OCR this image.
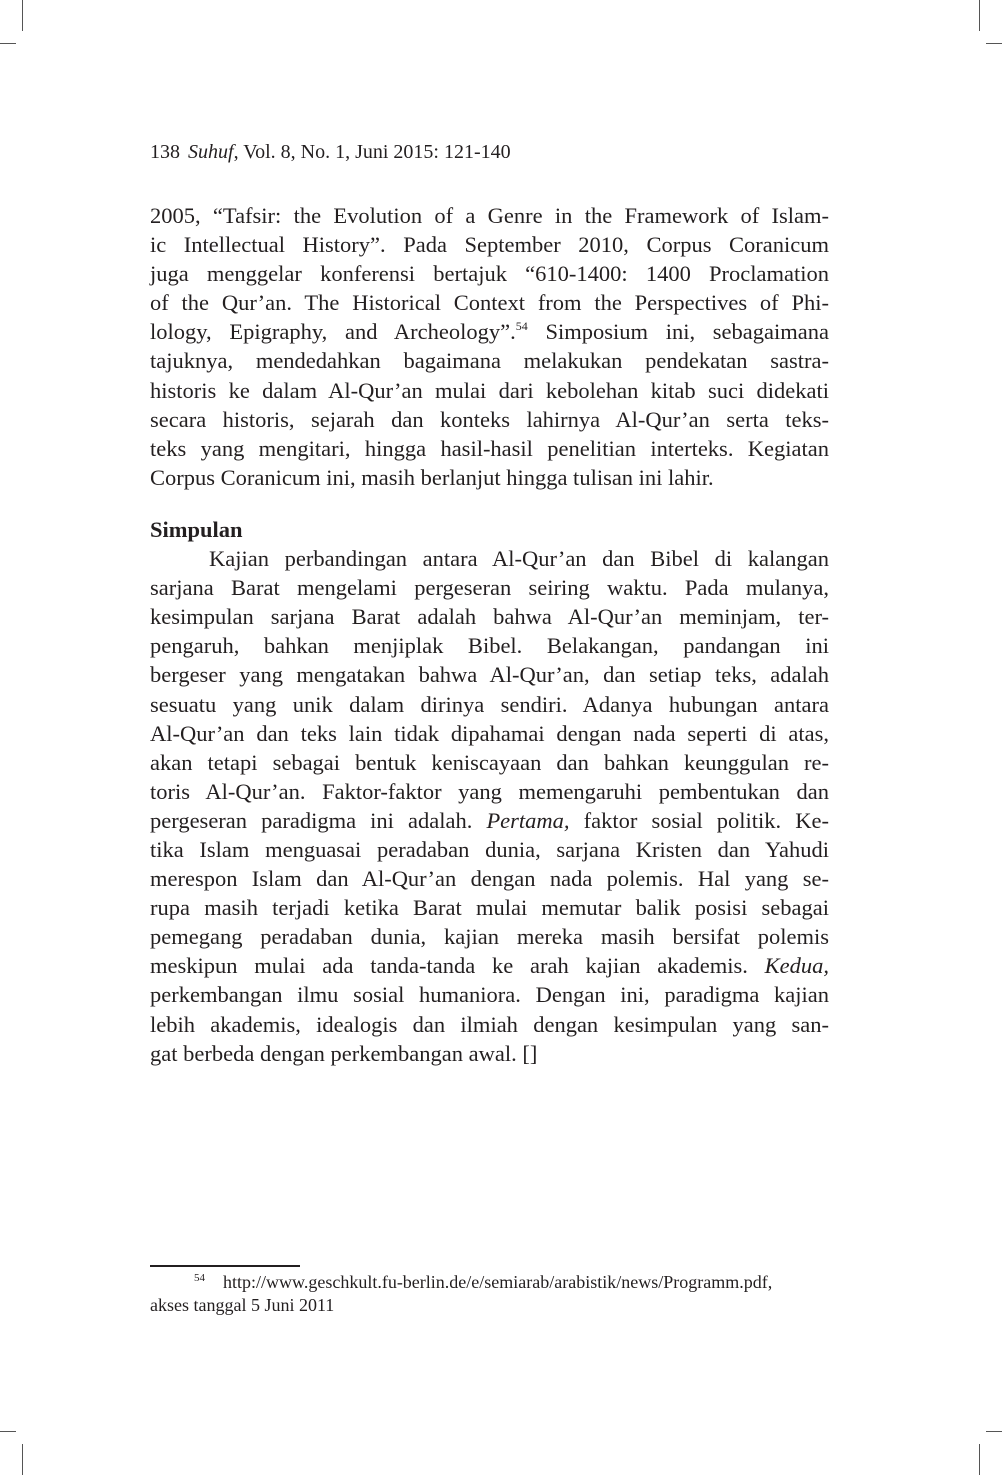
138 Suhuf, Vol. 8, No. 1, Juni 2015: 121-140
2005, “Tafsir: the Evolution of a Genre in the Framework of Islam-
ic Intellectual History”. Pada September 2010, Corpus Coranicum
juga menggelar konferensi bertajuk “610-1400: 1400 Proclamation
of the Qur’an. The Historical Context from the Perspectives of Phi-
lology, Epigraphy, and Archeology”.$^{54}$ Simposium ini, sebagaimana
tajuknya, mendedahkan bagaimana melakukan pendekatan sastra-
historis ke dalam Al-Qur’an mulai dari kebolehan kitab suci didekati
secara historis, sejarah dan konteks lahirnya Al-Qur’an serta teks-
teks yang mengitari, hingga hasil-hasil penelitian interteks. Kegiatan
Corpus Coranicum ini, masih berlanjut hingga tulisan ini lahir.
Simpulan
Kajian perbandingan antara Al-Qur’an dan Bibel di kalangan
sarjana Barat mengelami pergeseran seiring waktu. Pada mulanya,
kesimpulan sarjana Barat adalah bahwa Al-Qur’an meminjam, ter-
pengaruh, bahkan menjiplak Bibel. Belakangan, pandangan ini
bergeser yang mengatakan bahwa Al-Qur’an, dan setiap teks, adalah
sesuatu yang unik dalam dirinya sendiri. Adanya hubungan antara
Al-Qur’an dan teks lain tidak dipahamai dengan nada seperti di atas,
akan tetapi sebagai bentuk keniscayaan dan bahkan keunggulan re-
toris Al-Qur’an. Faktor-faktor yang memengaruhi pembentukan dan
pergeseran paradigma ini adalah. Pertama, faktor sosial politik. Ke-
tika Islam menguasai peradaban dunia, sarjana Kristen dan Yahudi
merespon Islam dan Al-Qur’an dengan nada polemis. Hal yang se-
rupa masih terjadi ketika Barat mulai memutar balik posisi sebagai
pemegang peradaban dunia, kajian mereka masih bersifat polemis
meskipun mulai ada tanda-tanda ke arah kajian akademis. Kedua,
perkembangan ilmu sosial humaniora. Dengan ini, paradigma kajian
lebih akademis, idealogis dan ilmiah dengan kesimpulan yang san-
gat berbeda dengan perkembangan awal. []
$^{54}$ http://www.geschkult.fu-berlin.de/e/semiarab/arabistik/news/Programm.pdf,
akses tanggal 5 Juni 2011
